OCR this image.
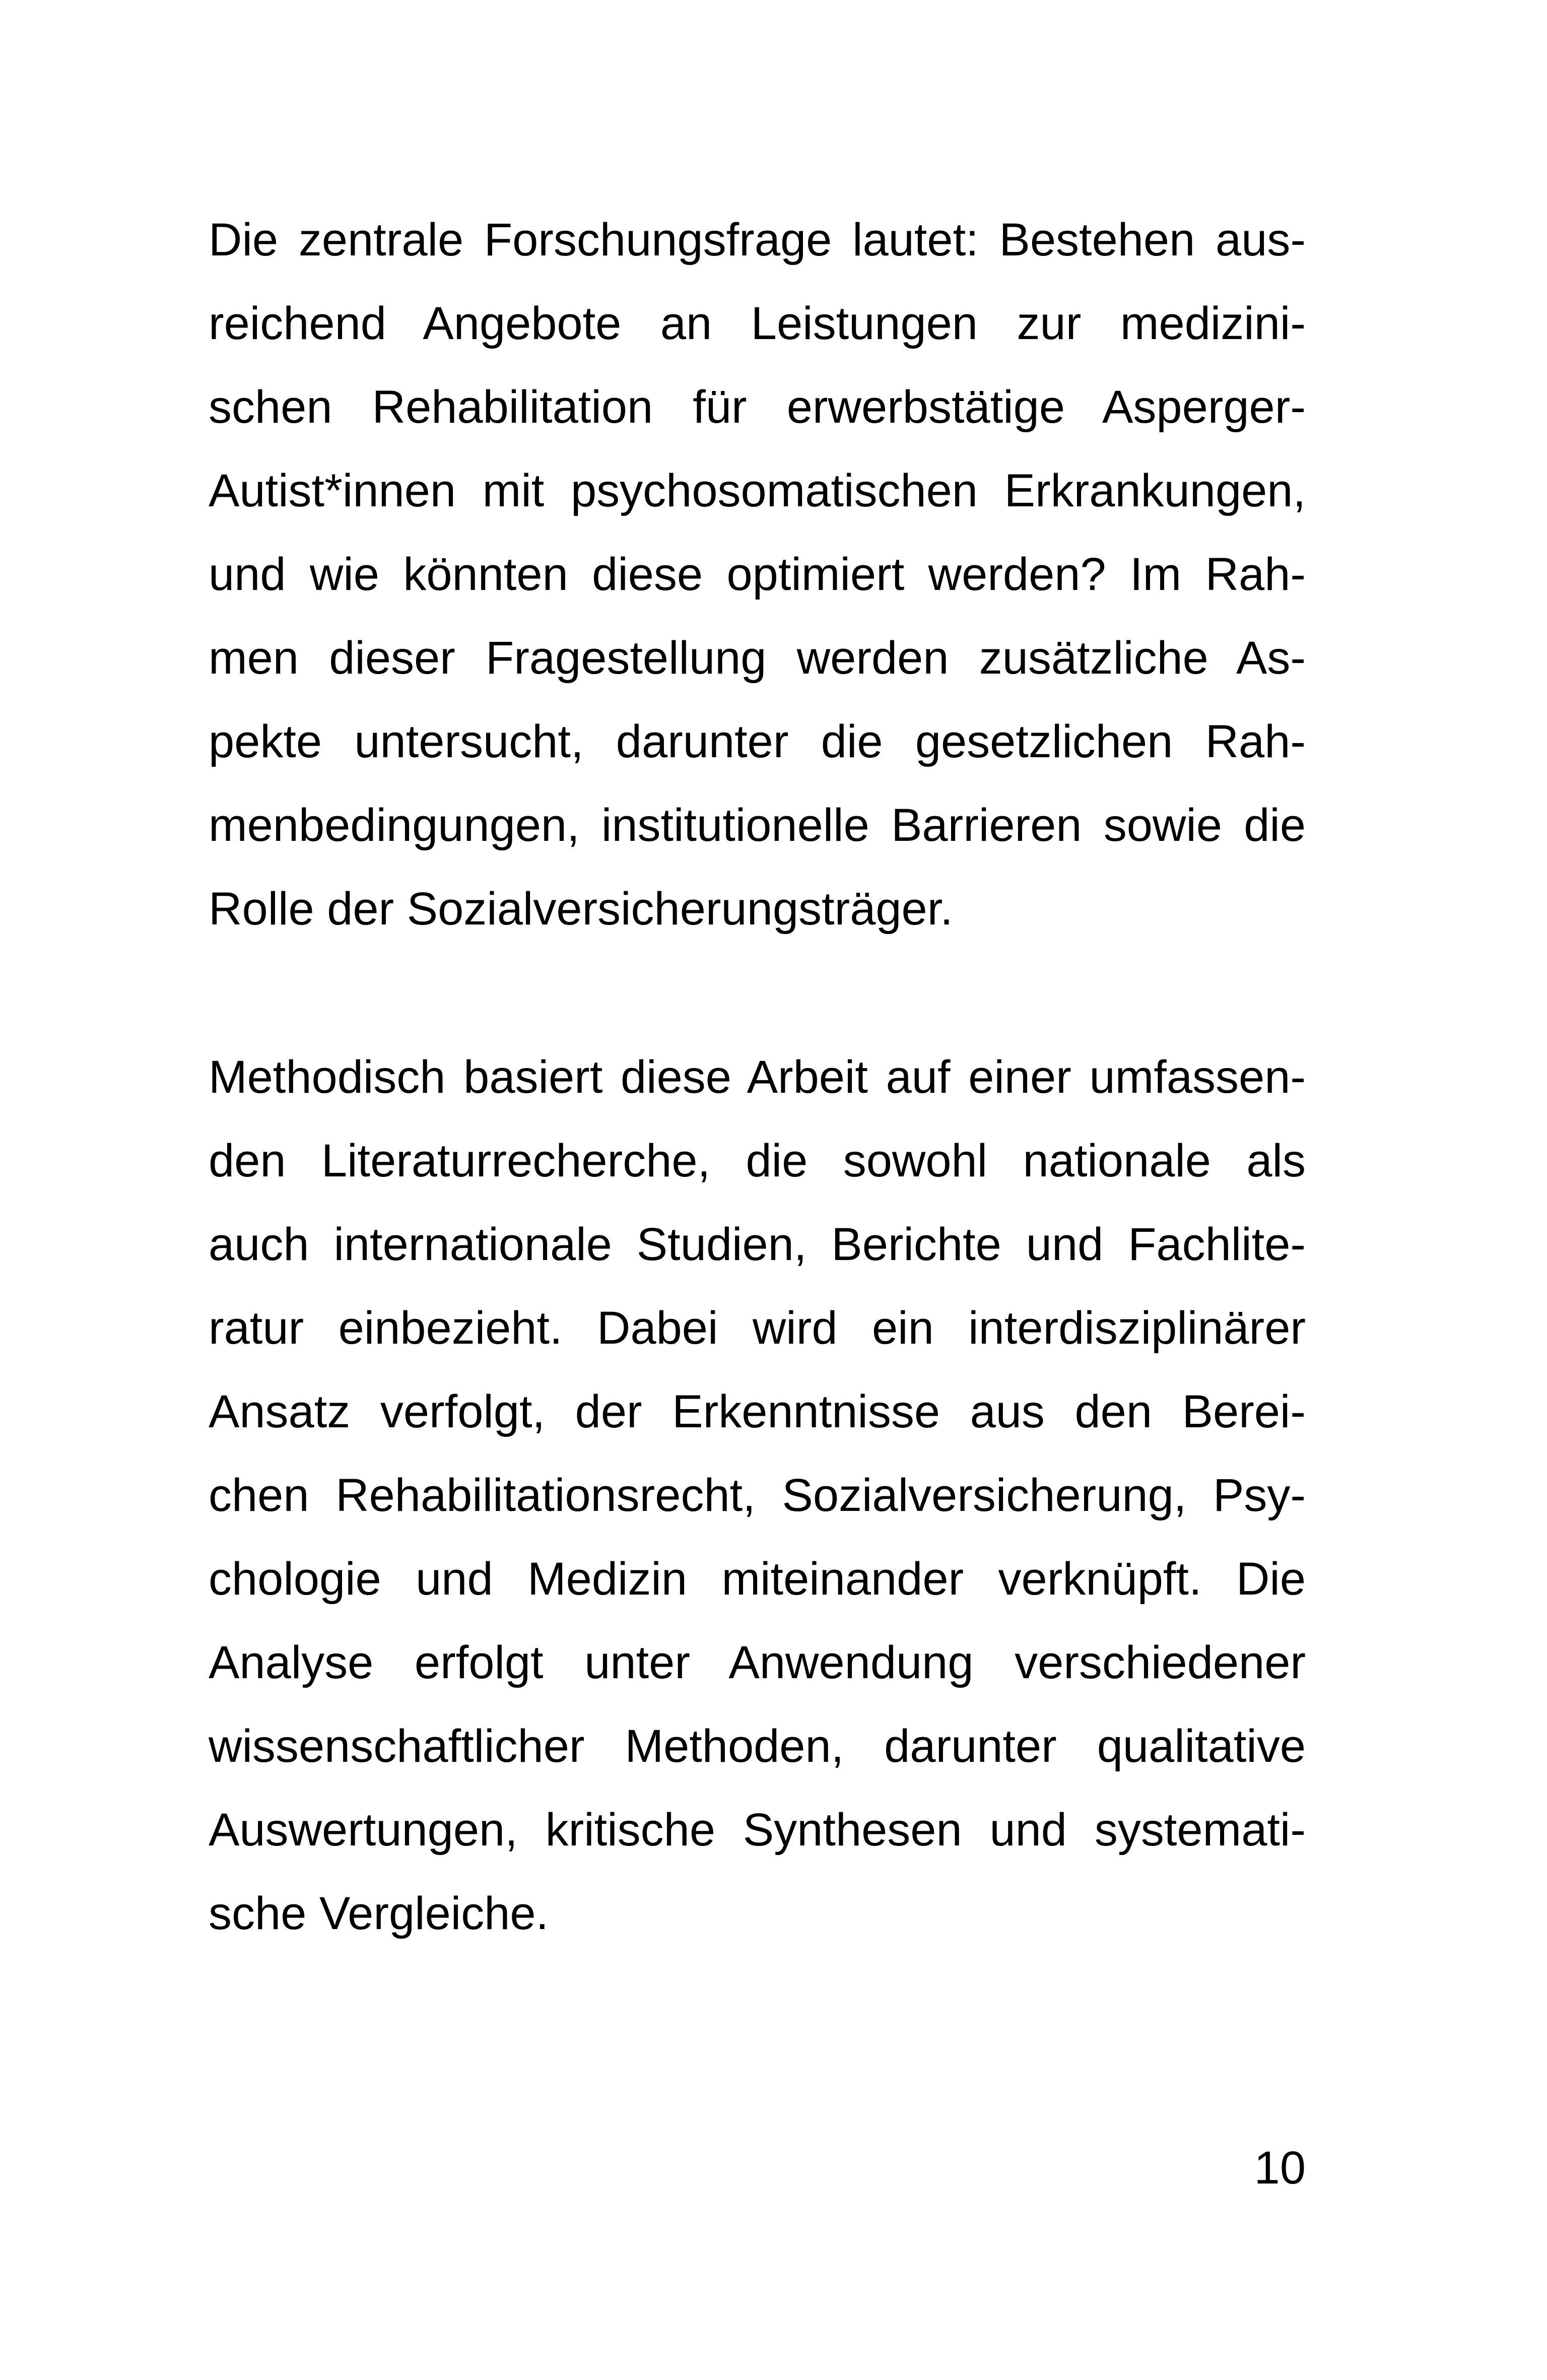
Die zentrale Forschungsfrage lautet: Bestehen aus-
reichend Angebote an Leistungen zur medizini-
schen Rehabilitation für erwerbstätige Asperger-
Autist*innen mit psychosomatischen Erkrankungen,
und wie könnten diese optimiert werden? Im Rah-
men dieser Fragestellung werden zusätzliche As-
pekte untersucht, darunter die gesetzlichen Rah-
menbedingungen, institutionelle Barrieren sowie die
Rolle der Sozialversicherungsträger.
Methodisch basiert diese Arbeit auf einer umfassen-
den Literaturrecherche, die sowohl nationale als
auch internationale Studien, Berichte und Fachlite-
ratur einbezieht. Dabei wird ein interdisziplinärer
Ansatz verfolgt, der Erkenntnisse aus den Berei-
chen Rehabilitationsrecht, Sozialversicherung, Psy-
chologie und Medizin miteinander verknüpft. Die
Analyse erfolgt unter Anwendung verschiedener
wissenschaftlicher Methoden, darunter qualitative
Auswertungen, kritische Synthesen und systemati-
sche Vergleiche.
10
